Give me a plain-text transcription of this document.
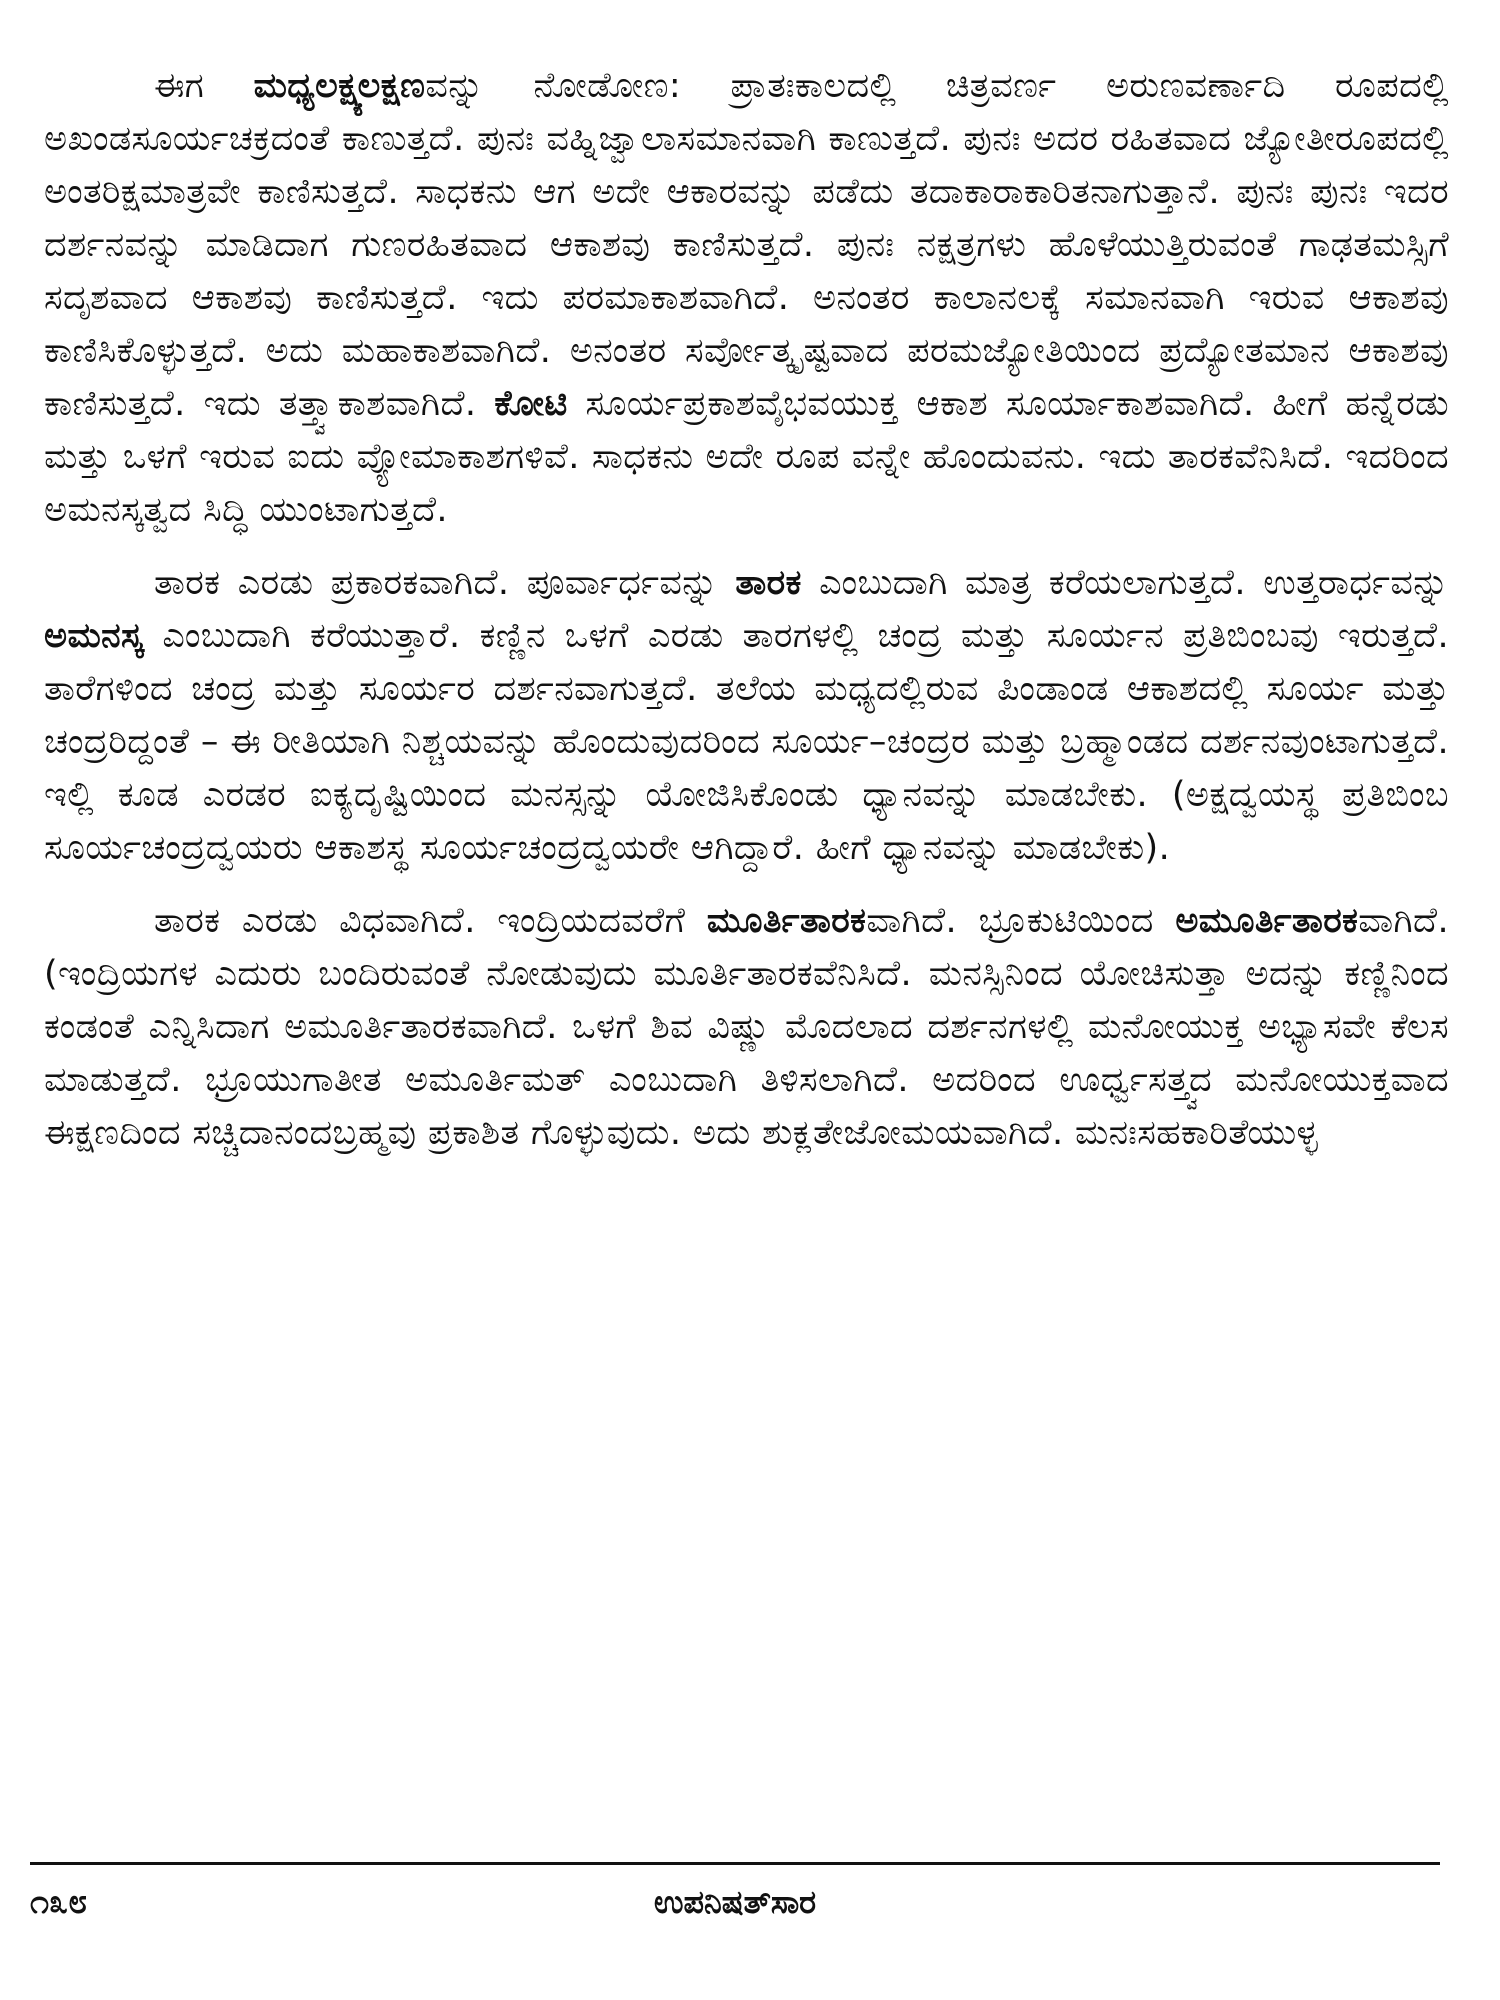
ಈಗ ಮಧ್ಯಲಕ್ಷ್ಯಲಕ್ಷಣವನ್ನು ನೋಡೋಣ: ಪ್ರಾತಃಕಾಲದಲ್ಲಿ ಚಿತ್ರವರ್ಣ ಅರುಣವರ್ಣಾದಿ ರೂಪದಲ್ಲಿ ಅಖಂಡಸೂರ್ಯಚಕ್ರದಂತೆ ಕಾಣುತ್ತದೆ. ಪುನಃ ವಹ್ನಿಜ್ವಾಲಾಸಮಾನವಾಗಿ ಕಾಣುತ್ತದೆ. ಪುನಃ ಅದರ ರಹಿತವಾದ ಜ್ಯೋತೀರೂಪದಲ್ಲಿ ಅಂತರಿಕ್ಷಮಾತ್ರವೇ ಕಾಣಿಸುತ್ತದೆ. ಸಾಧಕನು ಆಗ ಅದೇ ಆಕಾರವನ್ನು ಪಡೆದು ತದಾಕಾರಾಕಾರಿತನಾಗುತ್ತಾನೆ. ಪುನಃ ಪುನಃ ಇದರ ದರ್ಶನವನ್ನು ಮಾಡಿದಾಗ ಗುಣರಹಿತವಾದ ಆಕಾಶವು ಕಾಣಿಸುತ್ತದೆ. ಪುನಃ ನಕ್ಷತ್ರಗಳು ಹೊಳೆಯುತ್ತಿರುವಂತೆ ಗಾಢತಮಸ್ಸಿಗೆ ಸದೃಶವಾದ ಆಕಾಶವು ಕಾಣಿಸುತ್ತದೆ. ಇದು ಪರಮಾಕಾಶವಾಗಿದೆ. ಅನಂತರ ಕಾಲಾನಲಕ್ಕೆ ಸಮಾನವಾಗಿ ಇರುವ ಆಕಾಶವು ಕಾಣಿಸಿಕೊಳ್ಳುತ್ತದೆ. ಅದು ಮಹಾಕಾಶವಾಗಿದೆ. ಅನಂತರ ಸರ್ವೋತ್ಕೃಷ್ಟವಾದ ಪರಮಜ್ಯೋತಿಯಿಂದ ಪ್ರದ್ಯೋತಮಾನ ಆಕಾಶವು ಕಾಣಿಸುತ್ತದೆ. ಇದು ತತ್ತ್ವಾಕಾಶವಾಗಿದೆ. ಕೋಟಿ ಸೂರ್ಯಪ್ರಕಾಶವೈಭವಯುಕ್ತ ಆಕಾಶ ಸೂರ್ಯಾಕಾಶವಾಗಿದೆ. ಹೀಗೆ ಹನ್ನೆರಡು ಮತ್ತು ಒಳಗೆ ಇರುವ ಐದು ವ್ಯೋಮಾಕಾಶಗಳಿವೆ. ಸಾಧಕನು ಅದೇ ರೂಪ ವನ್ನೇ ಹೊಂದುವನು. ಇದು ತಾರಕವೆನಿಸಿದೆ. ಇದರಿಂದ ಅಮನಸ್ಕತ್ವದ ಸಿದ್ಧಿ ಯುಂಟಾಗುತ್ತದೆ.

ತಾರಕ ಎರಡು ಪ್ರಕಾರಕವಾಗಿದೆ. ಪೂರ್ವಾರ್ಧವನ್ನು ತಾರಕ ಎಂಬುದಾಗಿ ಮಾತ್ರ ಕರೆಯಲಾಗುತ್ತದೆ. ಉತ್ತರಾರ್ಧವನ್ನು ಅಮನಸ್ಕ ಎಂಬುದಾಗಿ ಕರೆಯುತ್ತಾರೆ. ಕಣ್ಣಿನ ಒಳಗೆ ಎರಡು ತಾರಗಳಲ್ಲಿ ಚಂದ್ರ ಮತ್ತು ಸೂರ್ಯನ ಪ್ರತಿಬಿಂಬವು ಇರುತ್ತದೆ. ತಾರೆಗಳಿಂದ ಚಂದ್ರ ಮತ್ತು ಸೂರ್ಯರ ದರ್ಶನವಾಗುತ್ತದೆ. ತಲೆಯ ಮಧ್ಯದಲ್ಲಿರುವ ಪಿಂಡಾಂಡ ಆಕಾಶದಲ್ಲಿ ಸೂರ್ಯ ಮತ್ತು ಚಂದ್ರರಿದ್ದಂತೆ – ಈ ರೀತಿಯಾಗಿ ನಿಶ್ಚಯವನ್ನು ಹೊಂದುವುದರಿಂದ ಸೂರ್ಯ–ಚಂದ್ರರ ಮತ್ತು ಬ್ರಹ್ಮಾಂಡದ ದರ್ಶನವುಂಟಾಗುತ್ತದೆ. ಇಲ್ಲಿ ಕೂಡ ಎರಡರ ಐಕ್ಯದೃಷ್ಟಿಯಿಂದ ಮನಸ್ಸನ್ನು ಯೋಜಿಸಿಕೊಂಡು ಧ್ಯಾನವನ್ನು ಮಾಡಬೇಕು. (ಅಕ್ಷದ್ವಯಸ್ಥ ಪ್ರತಿಬಿಂಬ ಸೂರ್ಯಚಂದ್ರದ್ವಯರು ಆಕಾಶಸ್ಥ ಸೂರ್ಯಚಂದ್ರದ್ವಯರೇ ಆಗಿದ್ದಾರೆ. ಹೀಗೆ ಧ್ಯಾನವನ್ನು ಮಾಡಬೇಕು).

ತಾರಕ ಎರಡು ವಿಧವಾಗಿದೆ. ಇಂದ್ರಿಯದವರೆಗೆ ಮೂರ್ತಿತಾರಕವಾಗಿದೆ. ಭ್ರೂಕುಟಿಯಿಂದ ಅಮೂರ್ತಿತಾರಕವಾಗಿದೆ.(ಇಂದ್ರಿಯಗಳ ಎದುರು ಬಂದಿರುವಂತೆ ನೋಡುವುದು ಮೂರ್ತಿತಾರಕವೆನಿಸಿದೆ. ಮನಸ್ಸಿನಿಂದ ಯೋಚಿಸುತ್ತಾ ಅದನ್ನು ಕಣ್ಣಿನಿಂದ ಕಂಡಂತೆ ಎನ್ನಿಸಿದಾಗ ಅಮೂರ್ತಿತಾರಕವಾಗಿದೆ. ಒಳಗೆ ಶಿವ ವಿಷ್ಣು ಮೊದಲಾದ ದರ್ಶನಗಳಲ್ಲಿ ಮನೋಯುಕ್ತ ಅಭ್ಯಾಸವೇ ಕೆಲಸ ಮಾಡುತ್ತದೆ. ಭ್ರೂಯುಗಾತೀತ ಅಮೂರ್ತಿಮತ್ ಎಂಬುದಾಗಿ ತಿಳಿಸಲಾಗಿದೆ. ಅದರಿಂದ ಊರ್ಧ್ವಸತ್ತ್ವದ ಮನೋಯುಕ್ತವಾದ ಈಕ್ಷಣದಿಂದ ಸಚ್ಚಿದಾನಂದಬ್ರಹ್ಮವು ಪ್ರಕಾಶಿತ ಗೊಳ್ಳುವುದು. ಅದು ಶುಕ್ಲತೇಜೋಮಯವಾಗಿದೆ. ಮನಃಸಹಕಾರಿತೆಯುಳ್ಳ

೧೩೮	ಉಪನಿಷತ್‌ಸಾರ
